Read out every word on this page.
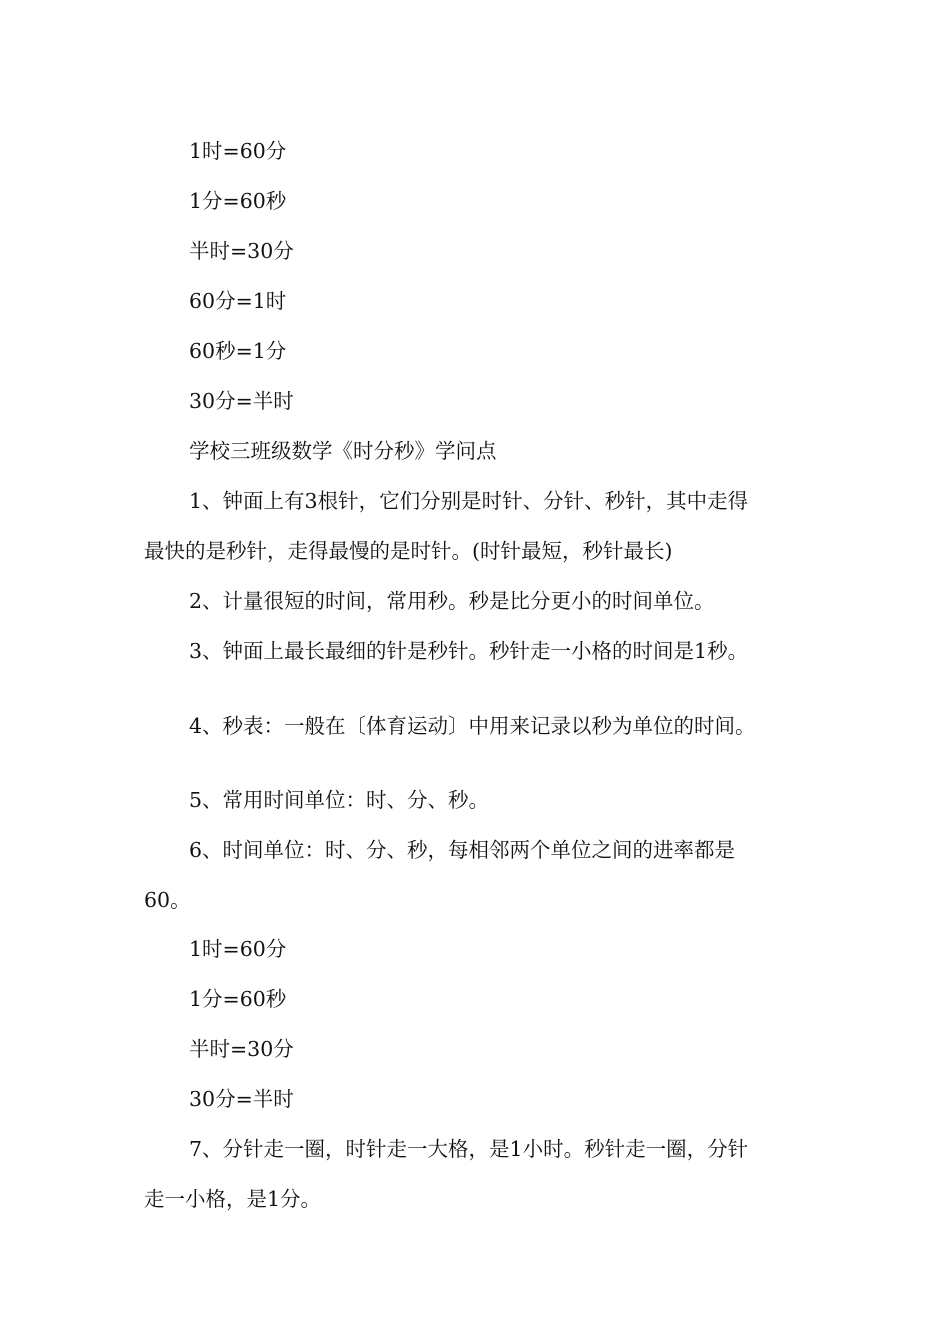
1时=60分

1分=60秒

半时=30分

60分=1时

60秒=1分

30分=半时

学校三班级数学《时分秒》学问点

1、钟面上有3根针，它们分别是时针、分针、秒针，其中走得

最快的是秒针，走得最慢的是时针。(时针最短，秒针最长)

2、计量很短的时间，常用秒。秒是比分更小的时间单位。

3、钟面上最长最细的针是秒针。秒针走一小格的时间是1秒。

4、秒表：一般在〔体育运动〕中用来记录以秒为单位的时间。

5、常用时间单位：时、分、秒。

6、时间单位：时、分、秒，每相邻两个单位之间的进率都是

60。

1时=60分

1分=60秒

半时=30分

30分=半时

7、分针走一圈，时针走一大格，是1小时。秒针走一圈，分针

走一小格，是1分。
